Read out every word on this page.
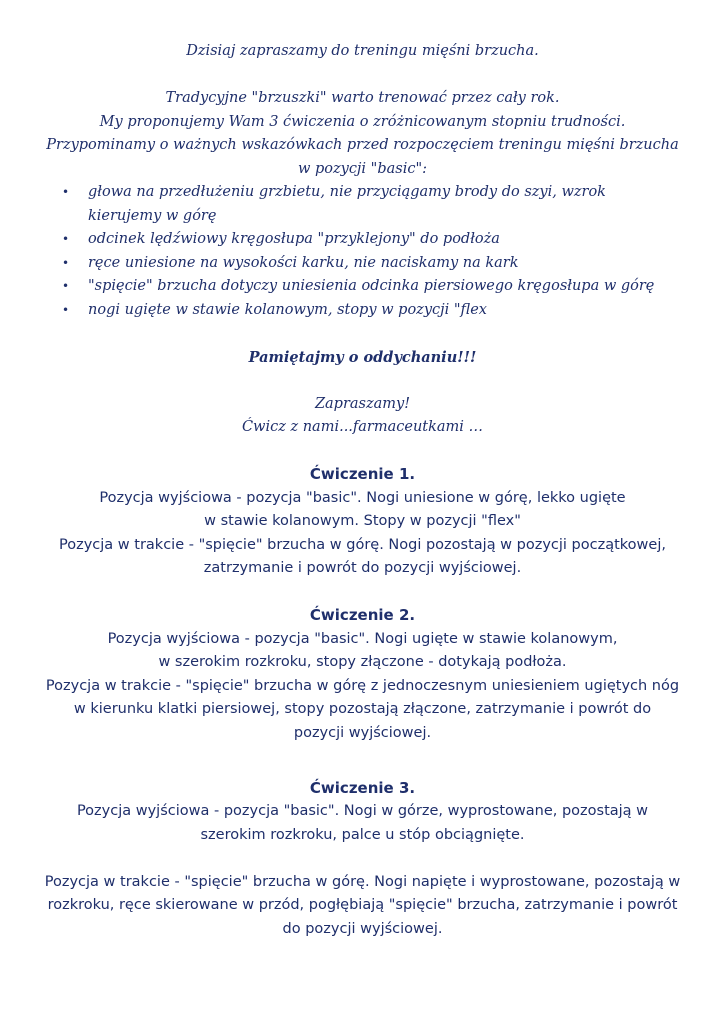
Dzisiaj zapraszamy do treningu mięśni brzucha.

Tradycyjne "brzuszki" warto trenować przez cały rok.

My proponujemy Wam 3 ćwiczenia o zróżnicowanym stopniu trudności. Przypominamy o ważnych wskazówkach przed rozpoczęciem treningu mięśni brzucha w pozycji "basic":

• głowa na przedłużeniu grzbietu, nie przyciągamy brody do szyi, wzrok kierujemy w górę
• odcinek lędźwiowy kręgosłupa "przyklejony" do podłoża
• ręce uniesione na wysokości karku, nie naciskamy na kark
• "spięcie" brzucha dotyczy uniesienia odcinka piersiowego kręgosłupa w górę
• nogi ugięte w stawie kolanowym, stopy w pozycji "flex

Pamiętajmy o oddychaniu!!!

Zapraszamy!

Ćwicz z nami...farmaceutkami …

Ćwiczenie 1.

Pozycja wyjściowa - pozycja "basic". Nogi uniesione w górę, lekko ugięte

w stawie kolanowym. Stopy w pozycji "flex"

Pozycja w trakcie - "spięcie" brzucha w górę. Nogi pozostają w pozycji początkowej,

zatrzymanie i powrót do pozycji wyjściowej.

Ćwiczenie 2.

Pozycja wyjściowa - pozycja "basic". Nogi ugięte w stawie kolanowym,

w szerokim rozkroku, stopy złączone - dotykają podłoża.

Pozycja w trakcie - "spięcie" brzucha w górę z jednoczesnym uniesieniem ugiętych nóg

w kierunku klatki piersiowej, stopy pozostają złączone, zatrzymanie i powrót do

pozycji wyjściowej.

Ćwiczenie 3.

Pozycja wyjściowa - pozycja "basic". Nogi w górze, wyprostowane, pozostają w

szerokim rozkroku, palce u stóp obciągnięte.

Pozycja w trakcie - "spięcie" brzucha w górę. Nogi napięte i wyprostowane, pozostają w

rozkroku, ręce skierowane w przód, pogłębiają "spięcie" brzucha, zatrzymanie i powrót

do pozycji wyjściowej.
